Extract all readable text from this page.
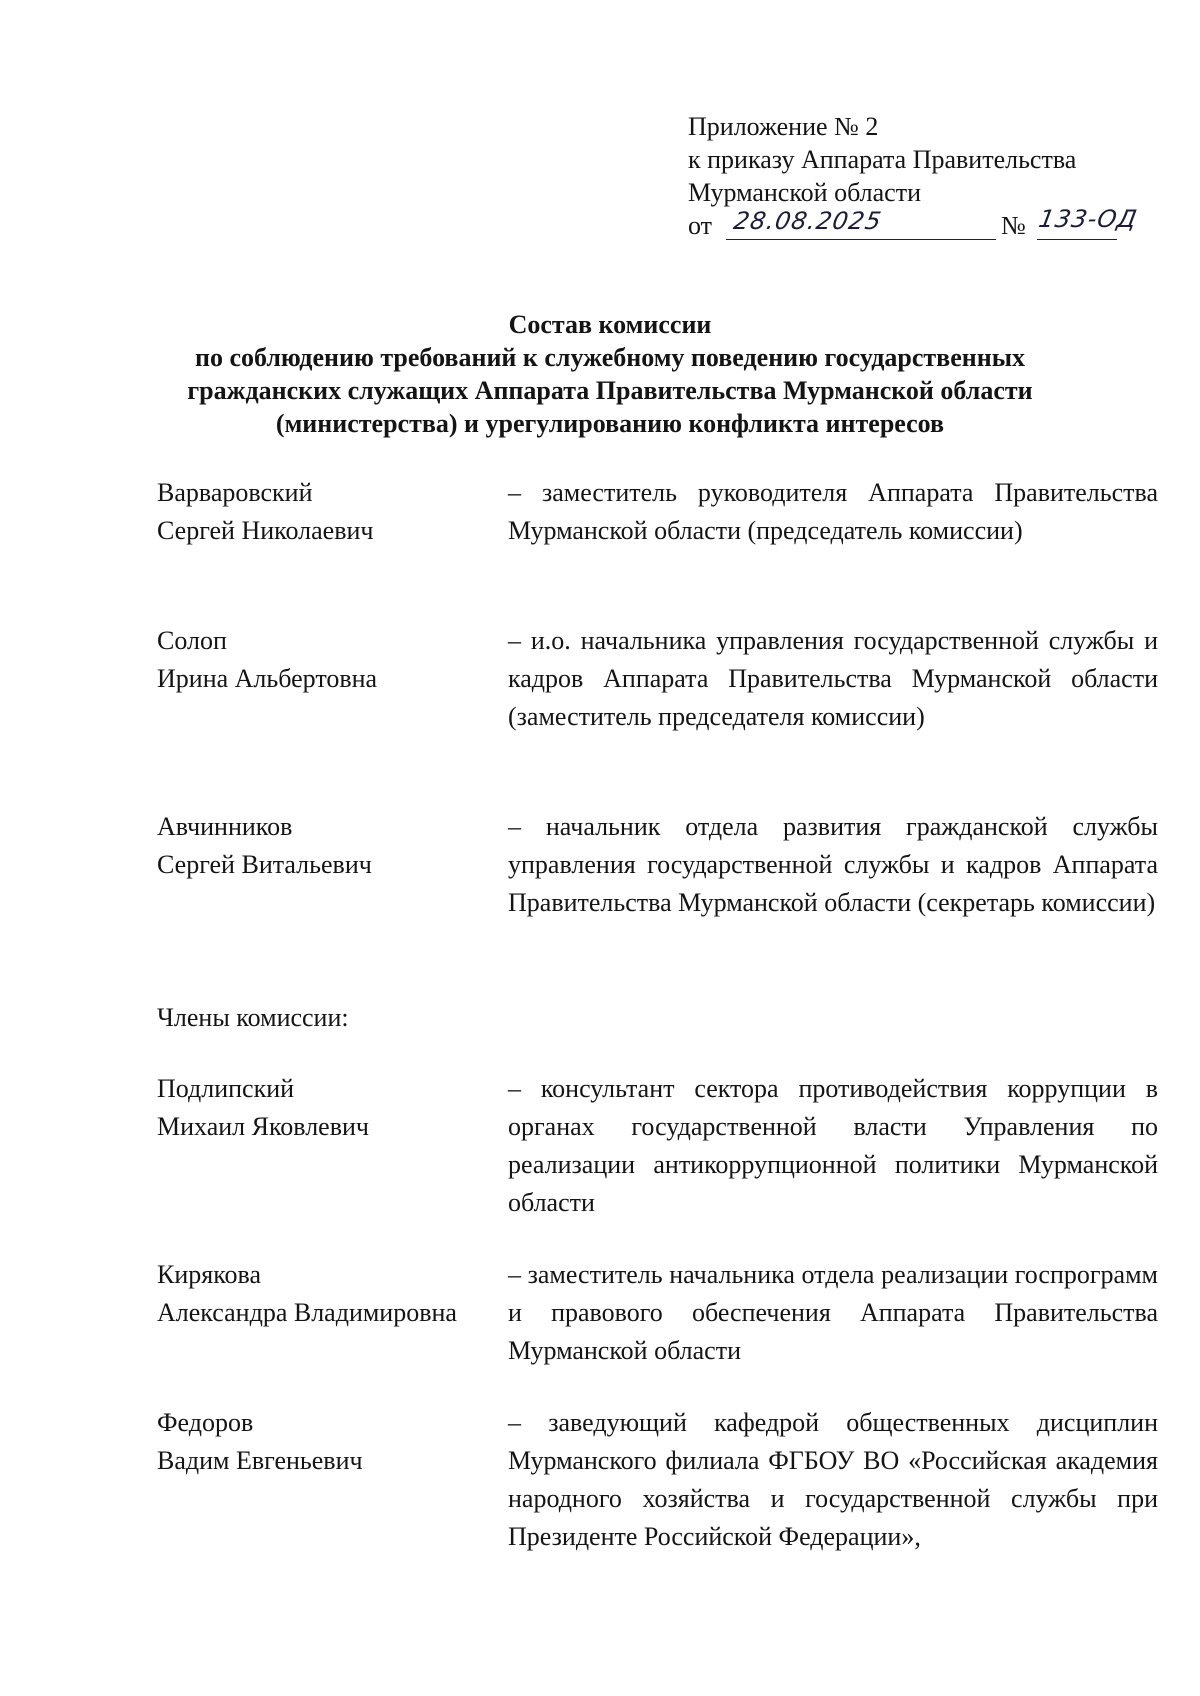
Приложение № 2
к приказу Аппарата Правительства
Мурманской области
от 28.08.2025	№ 133-ОД
Состав комиссии
по соблюдению требований к служебному поведению государственных
гражданских служащих Аппарата Правительства Мурманской области
(министерства) и урегулированию конфликта интересов
Варваровский
Сергей Николаевич
– заместитель руководителя Аппарата Правительства Мурманской области (председатель комиссии)
Солоп
Ирина Альбертовна
– и.о. начальника управления государственной службы и кадров Аппарата Правительства Мурманской области (заместитель председателя комиссии)
Авчинников
Сергей Витальевич
– начальник отдела развития гражданской службы управления государственной службы и кадров Аппарата Правительства Мурманской области (секретарь комиссии)
Подлипский
Михаил Яковлевич
– консультант сектора противодействия коррупции в органах государственной власти Управления по реализации антикоррупционной политики Мурманской области
Кирякова
Александра Владимировна
– заместитель начальника отдела реализации госпрограмм и правового обеспечения Аппарата Правительства Мурманской области
Федоров
Вадим Евгеньевич
– заведующий кафедрой общественных дисциплин Мурманского филиала ФГБОУ ВО «Российская академия народного хозяйства и государственной службы при Президенте Российской Федерации»,
Члены комиссии:
